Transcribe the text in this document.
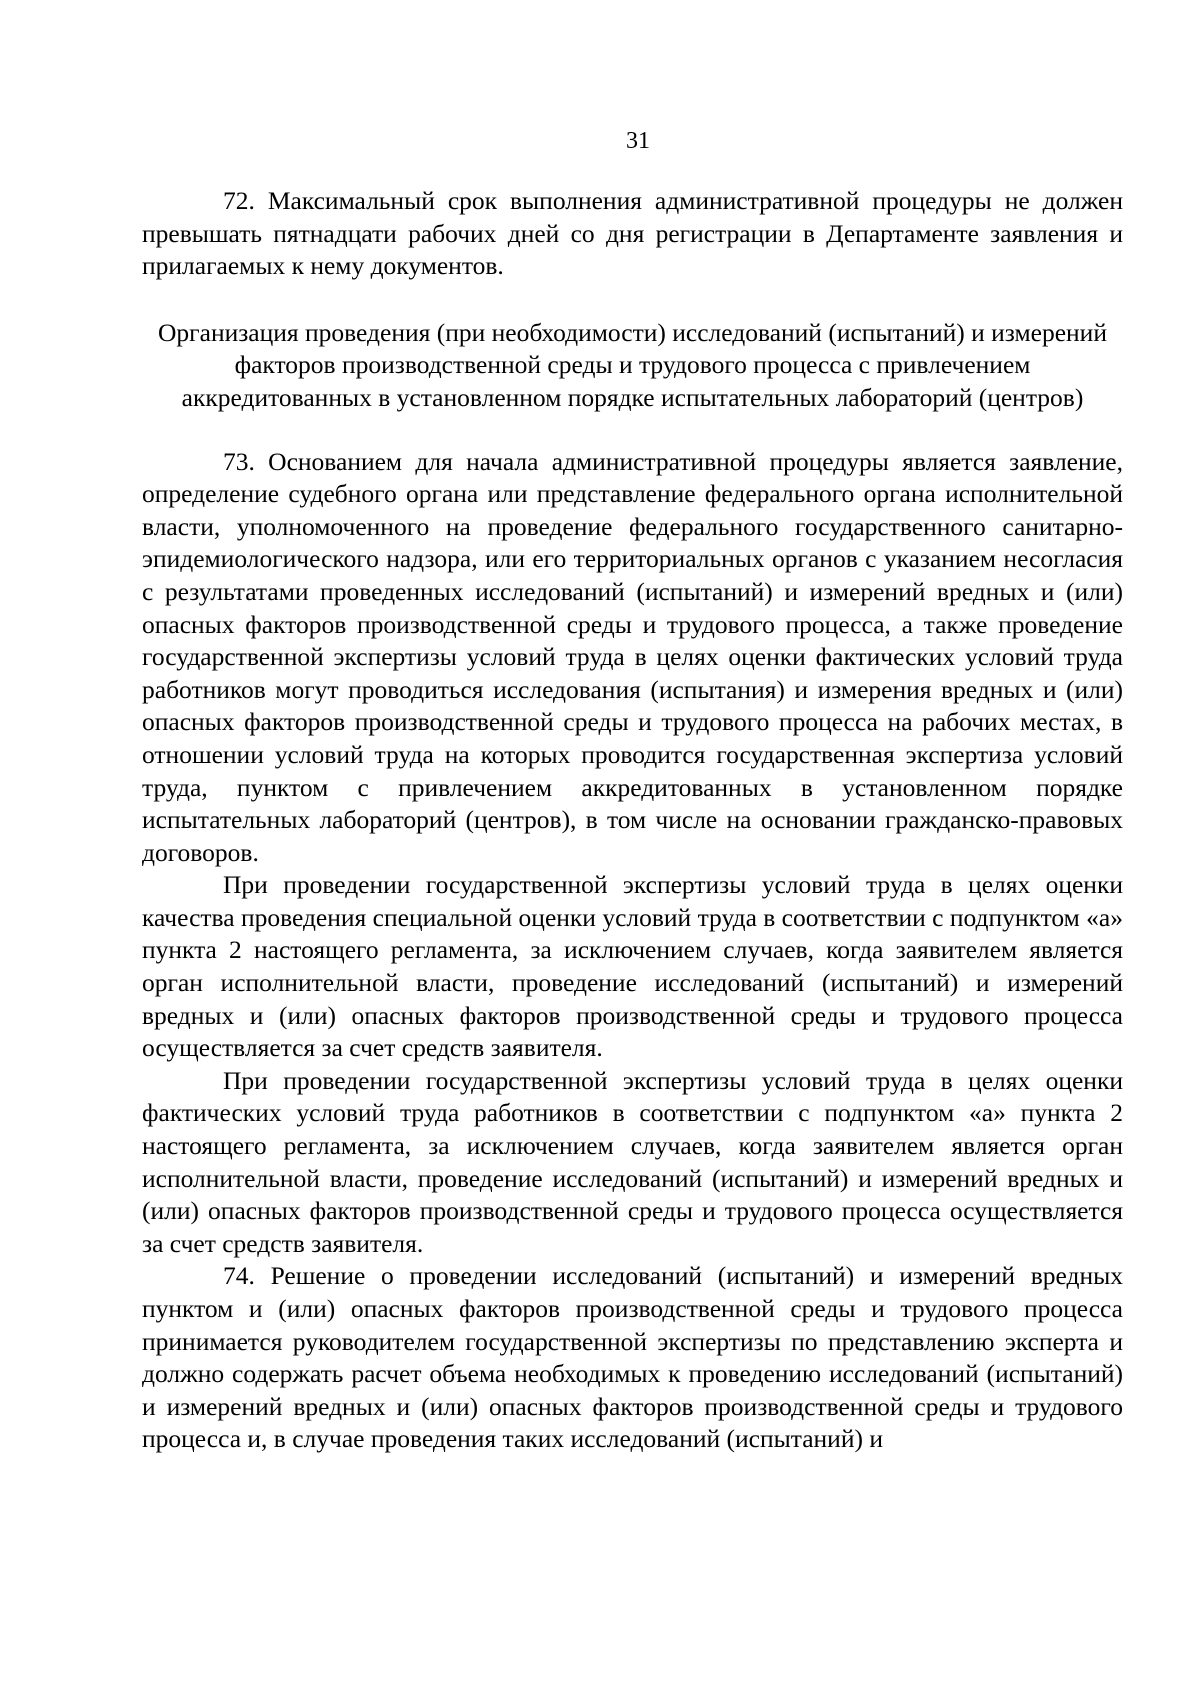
31

72. Максимальный срок выполнения административной процедуры не должен превышать пятнадцати рабочих дней со дня регистрации в Департаменте заявления и прилагаемых к нему документов.

Организация проведения (при необходимости) исследований (испытаний) и измерений факторов производственной среды и трудового процесса с привлечением аккредитованных в установленном порядке испытательных лабораторий (центров)

73. Основанием для начала административной процедуры является заявление, определение судебного органа или представление федерального органа исполнительной власти, уполномоченного на проведение федерального государственного санитарно-эпидемиологического надзора, или его территориальных органов с указанием несогласия с результатами проведенных исследований (испытаний) и измерений вредных и (или) опасных факторов производственной среды и трудового процесса, а также проведение государственной экспертизы условий труда в целях оценки фактических условий труда работников могут проводиться исследования (испытания) и измерения вредных и (или) опасных факторов производственной среды и трудового процесса на рабочих местах, в отношении условий труда на которых проводится государственная экспертиза условий труда, пунктом с привлечением аккредитованных в установленном порядке испытательных лабораторий (центров), в том числе на основании гражданско-правовых договоров.

При проведении государственной экспертизы условий труда в целях оценки качества проведения специальной оценки условий труда в соответствии с подпунктом «а» пункта 2 настоящего регламента, за исключением случаев, когда заявителем является орган исполнительной власти, проведение исследований (испытаний) и измерений вредных и (или) опасных факторов производственной среды и трудового процесса осуществляется за счет средств заявителя.

При проведении государственной экспертизы условий труда в целях оценки фактических условий труда работников в соответствии с подпунктом «а» пункта 2 настоящего регламента, за исключением случаев, когда заявителем является орган исполнительной власти, проведение исследований (испытаний) и измерений вредных и (или) опасных факторов производственной среды и трудового процесса осуществляется за счет средств заявителя.

74. Решение о проведении исследований (испытаний) и измерений вредных пунктом и (или) опасных факторов производственной среды и трудового процесса принимается руководителем государственной экспертизы по представлению эксперта и должно содержать расчет объема необходимых к проведению исследований (испытаний) и измерений вредных и (или) опасных факторов производственной среды и трудового процесса и, в случае проведения таких исследований (испытаний) и
